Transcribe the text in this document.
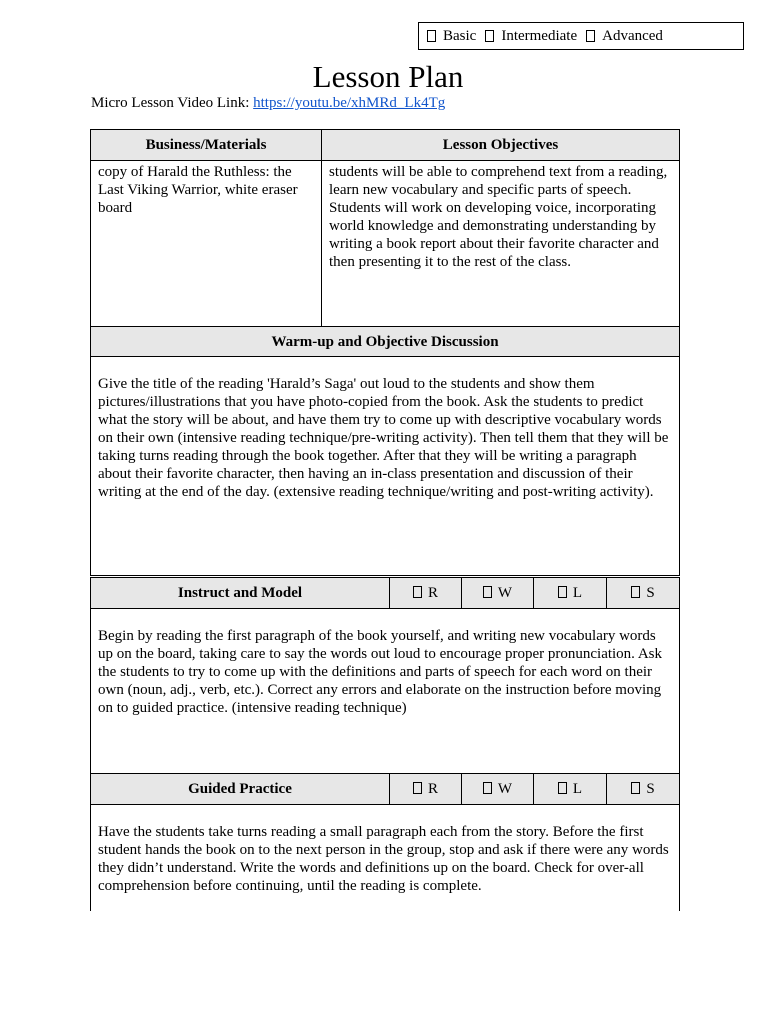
Basic Intermediate Advanced
Lesson Plan
Micro Lesson Video Link: https://youtu.be/xhMRd_Lk4Tg
Business/Materials	Lesson Objectives				
copy of Harald the Ruthless: the Last Viking Warrior, white eraser board	students will be able to comprehend text from a reading, learn new vocabulary and specific parts of speech. Students will work on developing voice, incorporating world knowledge and demonstrating understanding by writing a book report about their favorite character and then presenting it to the rest of the class.				
Warm-up and Objective Discussion					
Give the title of the reading 'Harald’s Saga' out loud to the students and show them pictures/illustrations that you have photo-copied from the book. Ask the students to predict what the story will be about, and have them try to come up with descriptive vocabulary words on their own (intensive reading technique/pre-writing activity). Then tell them that they will be taking turns reading through the book together. After that they will be writing a paragraph about their favorite character, then having an in-class presentation and discussion of their writing at the end of the day. (extensive reading technique/writing and post-writing activity).					
Instruct and Model		R	W	L	S
Begin by reading the first paragraph of the book yourself, and writing new vocabulary words up on the board, taking care to say the words out loud to encourage proper pronunciation. Ask the students to try to come up with the definitions and parts of speech for each word on their own (noun, adj., verb, etc.). Correct any errors and elaborate on the instruction before moving on to guided practice. (intensive reading technique)					
Guided Practice		R	W	L	S
Have the students take turns reading a small paragraph each from the story. Before the first student hands the book on to the next person in the group, stop and ask if there were any words they didn’t understand. Write the words and definitions up on the board. Check for over-all comprehension before continuing, until the reading is complete.					
